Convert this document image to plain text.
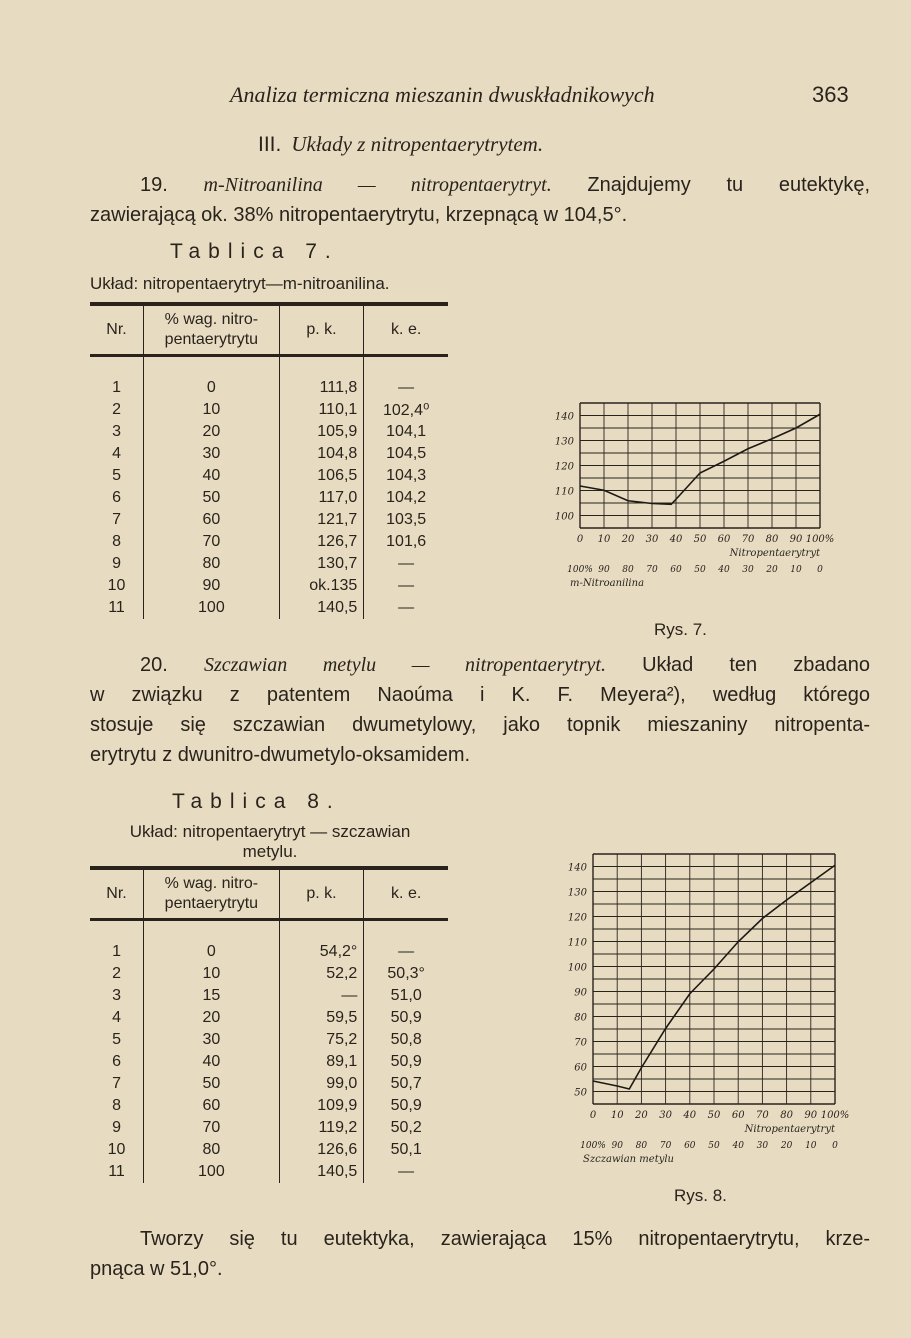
Analiza termiczna mieszanin dwuskładnikowych	363
III. Układy z nitropentaerytrytem.
19. m-Nitroanilina — nitropentaerytryt. Znajdujemy tu eutektykę,
zawierającą ok. 38% nitropentaerytrytu, krzepnącą w 104,5°.
Tablica 7.
Układ: nitropentaerytryt—m-nitroanilina.
Nr.	% wag. nitro- pentaerytrytu	p. k.	k. e.

1	0	111,8	—
2	10	110,1	102,4⁰
3	20	105,9	104,1
4	30	104,8	104,5
5	40	106,5	104,3
6	50	117,0	104,2
7	60	121,7	103,5
8	70	126,7	101,6
9	80	130,7	—
10	90	ok.135	—
11	100	140,5	—
140
130
120
110
100
0 10 20 30 40 50 60 70 80 90 100%
Nitropentaerytryt
100% 90 80 70 60 50 40 30 20 10 0
m-Nitroanilina
Rys. 7.
20. Szczawian metylu — nitropentaerytryt. Układ ten zbadano
w związku z patentem Naoúma i K. F. Meyera²), według którego
stosuje się szczawian dwumetylowy, jako topnik mieszaniny nitropenta-
erytrytu z dwunitro-dwumetylo-oksamidem.
Tablica 8.
Układ: nitropentaerytryt — szczawian
metylu.
Nr.	% wag. nitro- pentaerytrytu	p. k.	k. e.

1	0	54,2°	—
2	10	52,2	50,3°
3	15	—	51,0
4	20	59,5	50,9
5	30	75,2	50,8
6	40	89,1	50,9
7	50	99,0	50,7
8	60	109,9	50,9
9	70	119,2	50,2
10	80	126,6	50,1
11	100	140,5	—
140
130
120
110
100
90
80
70
60
50
0 10 20 30 40 50 60 70 80 90 100%
Nitropentaerytryt
100% 90 80 70 60 50 40 30 20 10 0
Szczawian metylu
Rys. 8.
Tworzy się tu eutektyka, zawierająca 15% nitropentaerytrytu, krze-
pnąca w 51,0°.
